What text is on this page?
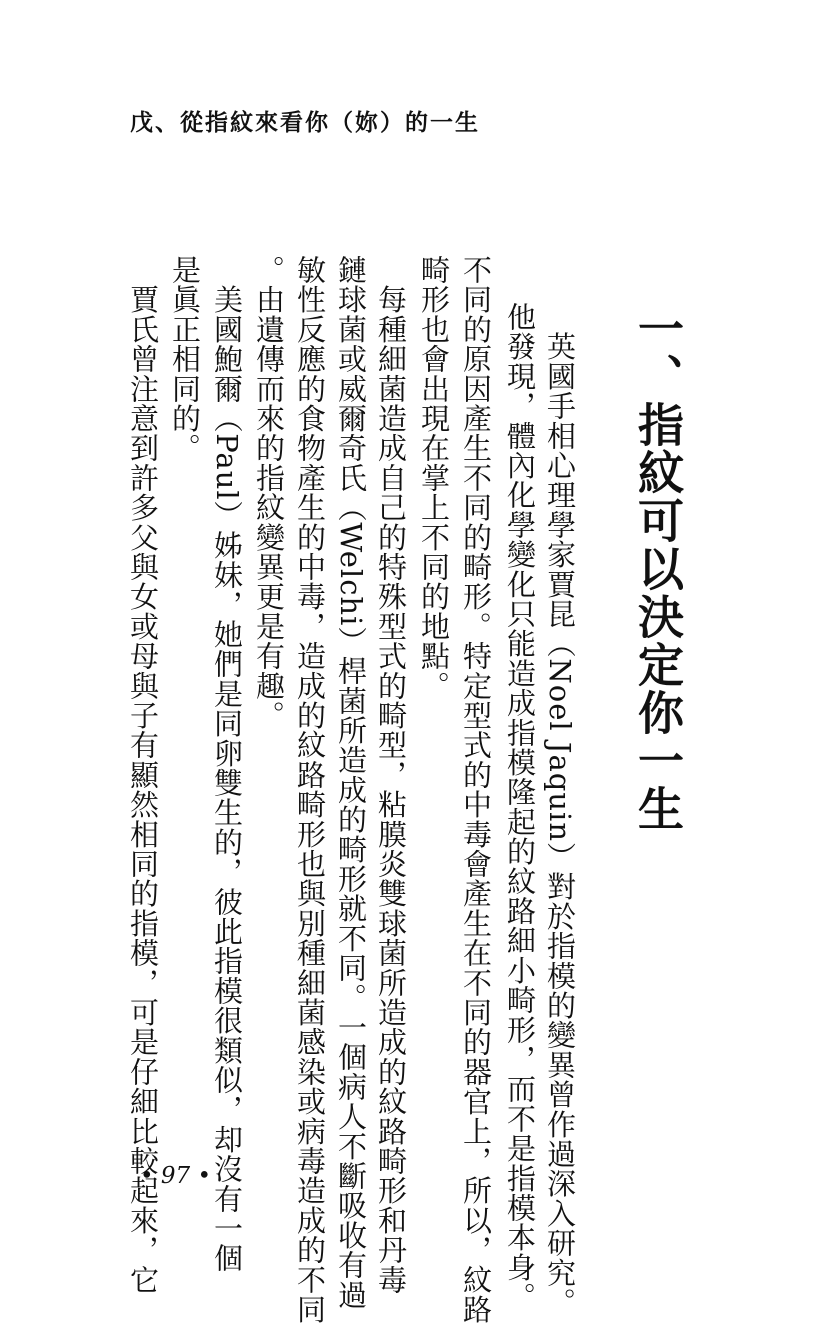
戊、從指紋來看你（妳）的一生
一、指紋可以決定你一生
　英國手相心理學家賈昆（Noel Jaquin）對於指模的變異曾作過深入研究。
他發現，體內化學變化只能造成指模隆起的紋路細小畸形，而不是指模本身。
不同的原因產生不同的畸形。特定型式的中毒會產生在不同的器官上，所以，紋路
畸形也會出現在掌上不同的地點。
　每種細菌造成自己的特殊型式的畸型，粘膜炎雙球菌所造成的紋路畸形和丹毒
鏈球菌或威爾奇氏（Welchi）桿菌所造成的畸形就不同。一個病人不斷吸收有過
敏性反應的食物產生的中毒，造成的紋路畸形也與別種細菌感染或病毒造成的不同
。由遺傳而來的指紋變異更是有趣。
　美國鮑爾（Paul）姊妹，她們是同卵雙生的，彼此指模很類似，却沒有一個
是眞正相同的。
　賈氏曾注意到許多父與女或母與子有顯然相同的指模，可是仔細比較起來，它
• 97 •
